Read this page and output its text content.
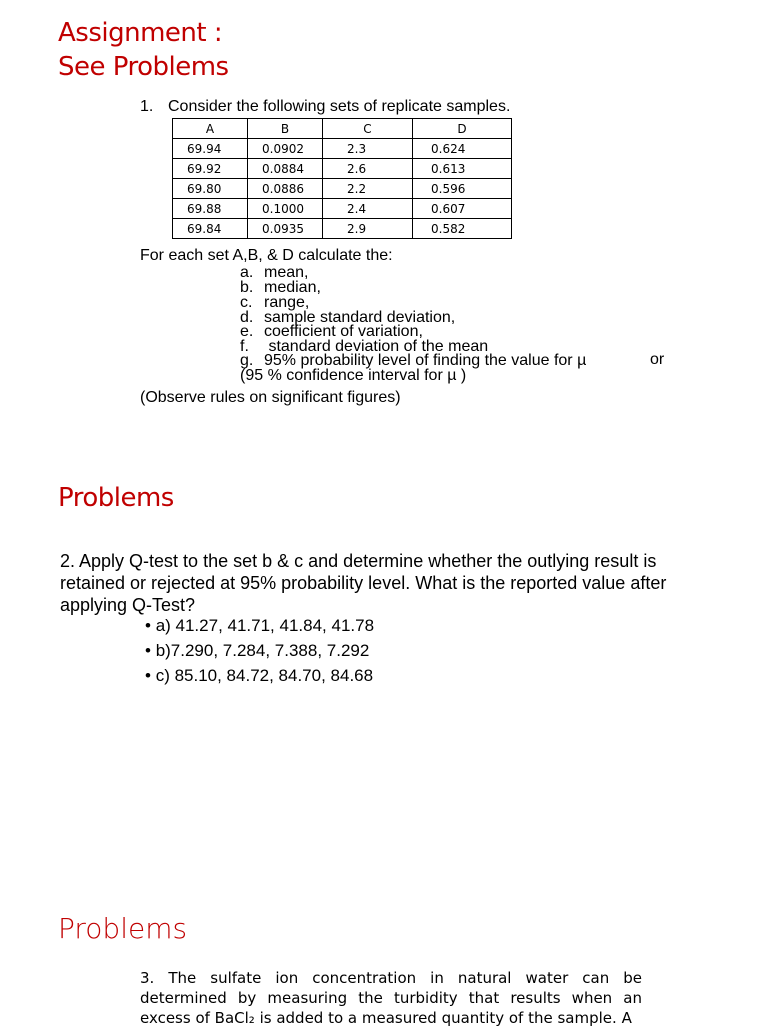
Assignment :
See Problems
1. Consider the following sets of replicate samples.
A	B	C	D
69.94	0.0902	2.3	0.624
69.92	0.0884	2.6	0.613
69.80	0.0886	2.2	0.596
69.88	0.1000	2.4	0.607
69.84	0.0935	2.9	0.582
For each set A,B, & D calculate the:
a. mean,
b. median,
c. range,
d. sample standard deviation,
e. coefficient of variation,
f. standard deviation of the mean
g. 95% probability level of finding the value for µ
(95 % confidence interval for µ )
or
(Observe rules on significant figures)
Problems
2. Apply Q-test to the set b & c and determine whether the outlying result is retained or rejected at 95% probability level. What is the reported value after applying Q-Test?
• a) 41.27, 41.71, 41.84, 41.78
• b)7.290, 7.284, 7.388, 7.292
• c) 85.10, 84.72, 84.70, 84.68
Problems
3. The sulfate ion concentration in natural water can be determined by measuring the turbidity that results when an excess of BaCl₂ is added to a measured quantity of the sample. A
